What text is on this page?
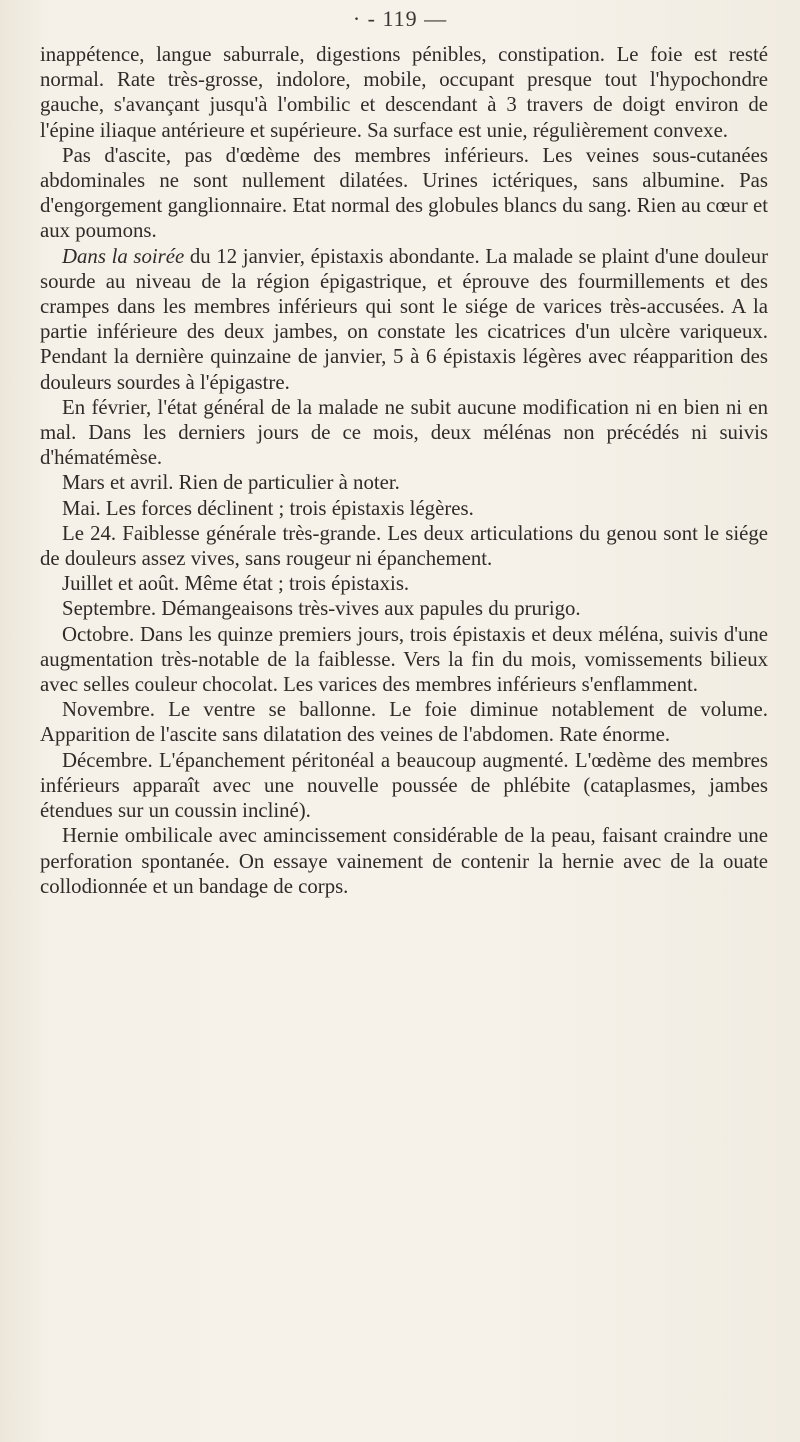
· - 119 —

inappétence, langue saburrale, digestions pénibles, constipation. Le foie est resté normal. Rate très-grosse, indolore, mobile, occupant presque tout l'hypochondre gauche, s'avançant jusqu'à l'ombilic et descendant à 3 travers de doigt environ de l'épine iliaque antérieure et supérieure. Sa surface est unie, régulièrement convexe.

Pas d'ascite, pas d'œdème des membres inférieurs. Les veines sous-cutanées abdominales ne sont nullement dilatées. Urines ictériques, sans albumine. Pas d'engorgement ganglionnaire. Etat normal des globules blancs du sang. Rien au cœur et aux poumons.

Dans la soirée du 12 janvier, épistaxis abondante. La malade se plaint d'une douleur sourde au niveau de la région épigastrique, et éprouve des fourmillements et des crampes dans les membres inférieurs qui sont le siége de varices très-accusées. A la partie inférieure des deux jambes, on constate les cicatrices d'un ulcère variqueux. Pendant la dernière quinzaine de janvier, 5 à 6 épistaxis légères avec réapparition des douleurs sourdes à l'épigastre.

En février, l'état général de la malade ne subit aucune modification ni en bien ni en mal. Dans les derniers jours de ce mois, deux mélénas non précédés ni suivis d'hématémèse.

Mars et avril. Rien de particulier à noter.

Mai. Les forces déclinent ; trois épistaxis légères.

Le 24. Faiblesse générale très-grande. Les deux articulations du genou sont le siége de douleurs assez vives, sans rougeur ni épanchement.

Juillet et août. Même état ; trois épistaxis.

Septembre. Démangeaisons très-vives aux papules du prurigo.

Octobre. Dans les quinze premiers jours, trois épistaxis et deux méléna, suivis d'une augmentation très-notable de la faiblesse. Vers la fin du mois, vomissements bilieux avec selles couleur chocolat. Les varices des membres inférieurs s'enflamment.

Novembre. Le ventre se ballonne. Le foie diminue notablement de volume. Apparition de l'ascite sans dilatation des veines de l'abdomen. Rate énorme.

Décembre. L'épanchement péritonéal a beaucoup augmenté. L'œdème des membres inférieurs apparaît avec une nouvelle poussée de phlébite (cataplasmes, jambes étendues sur un coussin incliné).

Hernie ombilicale avec amincissement considérable de la peau, faisant craindre une perforation spontanée. On essaye vainement de contenir la hernie avec de la ouate collodionnée et un bandage de corps.
